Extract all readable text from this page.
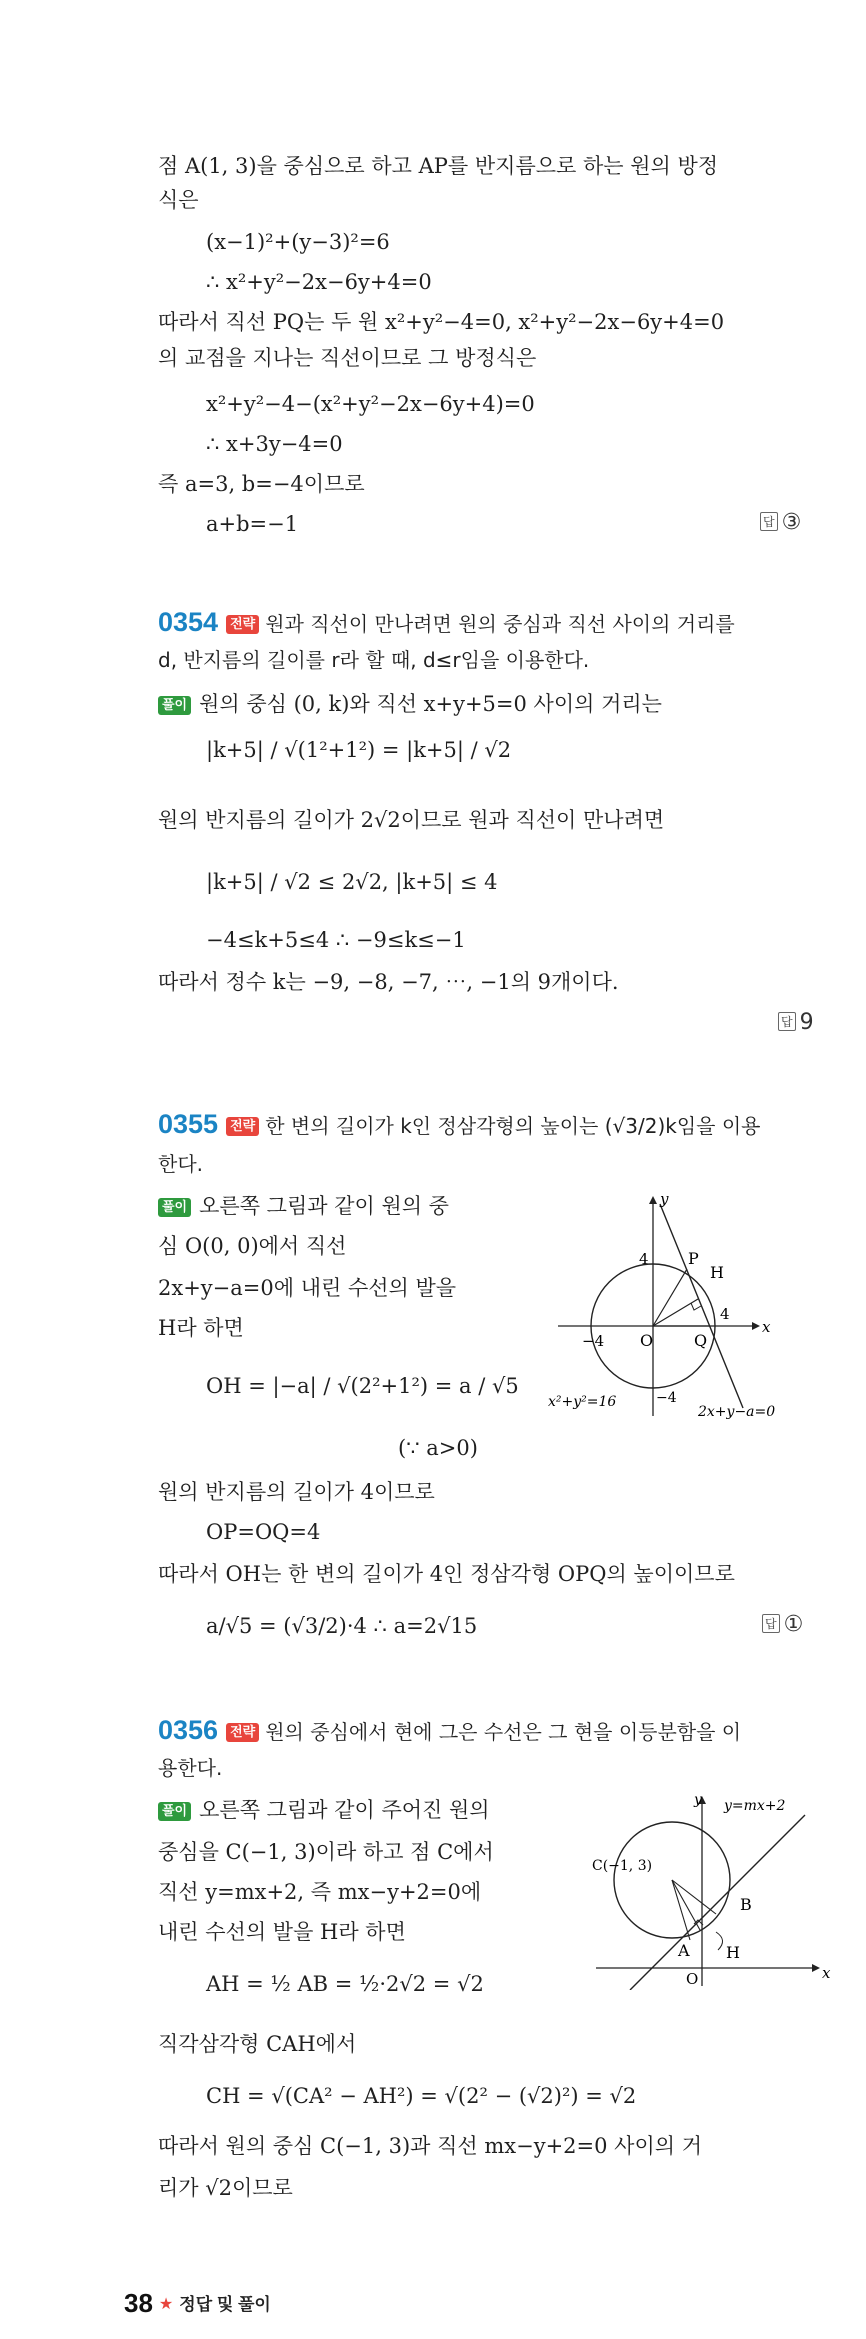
점 A(1, 3)을 중심으로 하고 AP를 반지름으로 하는 원의 방정
식은
(x−1)²+(y−3)²=6
∴ x²+y²−2x−6y+4=0
따라서 직선 PQ는 두 원 x²+y²−4=0, x²+y²−2x−6y+4=0
의 교점을 지나는 직선이므로 그 방정식은
x²+y²−4−(x²+y²−2x−6y+4)=0
∴ x+3y−4=0
즉 a=3, b=−4이므로
a+b=−1	답 ③
0354 전략 원과 직선이 만나려면 원의 중심과 직선 사이의 거리를
d, 반지름의 길이를 r라 할 때, d≤r임을 이용한다.
풀이 원의 중심 (0, k)와 직선 x+y+5=0 사이의 거리는
|k+5| / √(1²+1²) = |k+5| / √2
원의 반지름의 길이가 2√2이므로 원과 직선이 만나려면
|k+5| / √2 ≤ 2√2, |k+5| ≤ 4
−4≤k+5≤4 ∴ −9≤k≤−1
따라서 정수 k는 −9, −8, −7, ⋯, −1의 9개이다.
답 9
0355 전략 한 변의 길이가 k인 정삼각형의 높이는 (√3/2)k임을 이용
한다.
풀이 오른쪽 그림과 같이 원의 중
심 O(0, 0)에서 직선
2x+y−a=0에 내린 수선의 발을
H라 하면
OH = |−a| / √(2²+1²) = a / √5
(∵ a>0)
원의 반지름의 길이가 4이므로
OP=OQ=4
따라서 OH는 한 변의 길이가 4인 정삼각형 OPQ의 높이이므로
a/√5 = (√3/2)·4 ∴ a=2√15	답 ①
y
x
4 P
H
4
−4 O	Q
−4
x²+y²=16
2x+y−a=0
0356 전략 원의 중심에서 현에 그은 수선은 그 현을 이등분함을 이
용한다.
풀이 오른쪽 그림과 같이 주어진 원의
중심을 C(−1, 3)이라 하고 점 C에서
직선 y=mx+2, 즉 mx−y+2=0에
내린 수선의 발을 H라 하면
AH = ½ AB = ½·2√2 = √2
직각삼각형 CAH에서
CH = √(CA² − AH²) = √(2² − (√2)²) = √2
따라서 원의 중심 C(−1, 3)과 직선 mx−y+2=0 사이의 거
리가 √2이므로
y
x
y=mx+2
C(−1, 3)
B
H
A
O
38 ★ 정답 및 풀이
